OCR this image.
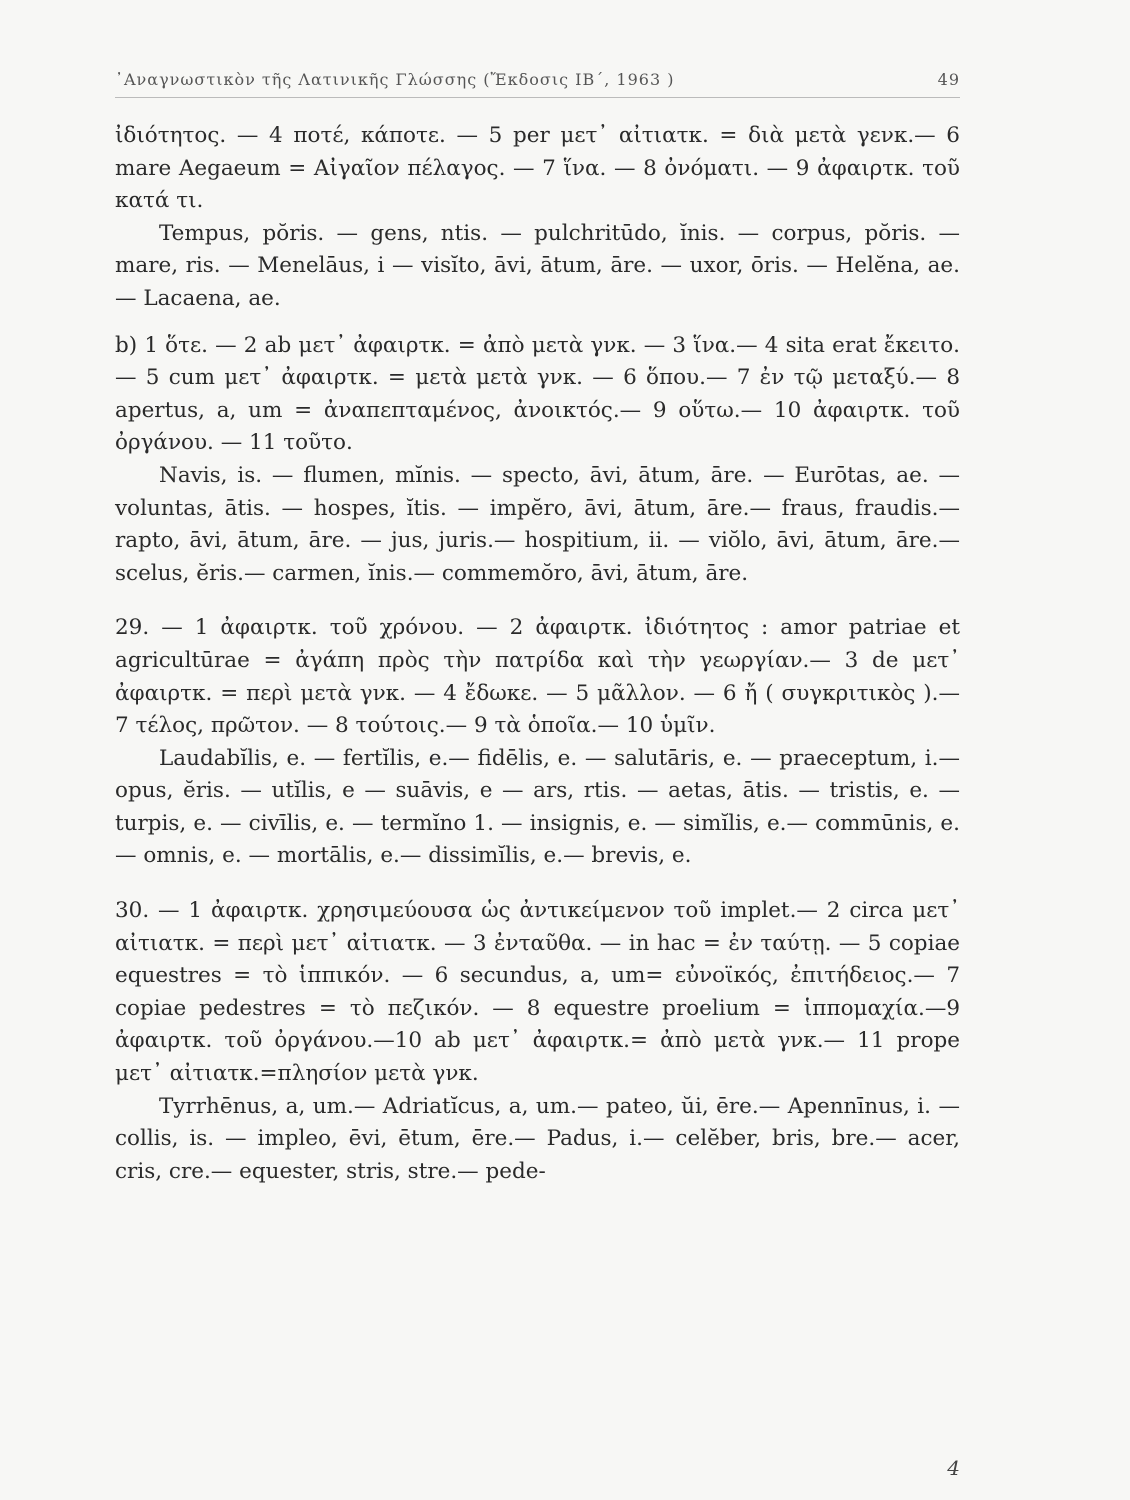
᾿Αναγνωστικὸν τῆς Λατινικῆς Γλώσσης (Ἔκδοσις ΙΒ΄, 1963 )	49

ἰδιότητος. — 4 ποτέ, κάποτε. — 5 per μετ᾿ αἰτιατκ. = διὰ μετὰ γενκ.— 6 mare Aegaeum = Αἰγαῖον πέλαγος. — 7 ἵνα. — 8 ὀνόματι. — 9 ἀφαιρτκ. τοῦ κατά τι.

Tempus, pŏris. — gens, ntis. — pulchritūdo, ĭnis. — corpus, pŏris. — mare, ris. — Menelāus, i — visĭto, āvi, ātum, āre. — uxor, ōris. — Helĕna, ae. — Lacaena, ae.

b) 1 ὅτε. — 2 ab μετ᾿ ἀφαιρτκ. = ἀπὸ μετὰ γνκ. — 3 ἵνα.— 4 sita erat ἔκειτο. — 5 cum μετ᾿ ἀφαιρτκ. = μετὰ μετὰ γνκ. — 6 ὅπου.— 7 ἐν τῷ μεταξύ.— 8 apertus, a, um = ἀναπεπταμένος, ἀνοικτός.— 9 οὕτω.— 10 ἀφαιρτκ. τοῦ ὀργάνου. — 11 τοῦτο.

Navis, is. — flumen, mĭnis. — specto, āvi, ātum, āre. — Eurōtas, ae. — voluntas, ātis. — hospes, ĭtis. — impĕro, āvi, ātum, āre.— fraus, fraudis.— rapto, āvi, ātum, āre. — jus, juris.— hospitium, ii. — viŏlo, āvi, ātum, āre.— scelus, ĕris.— carmen, ĭnis.— commemŏro, āvi, ātum, āre.

29. — 1 ἀφαιρτκ. τοῦ χρόνου. — 2 ἀφαιρτκ. ἰδιότητος : amor patriae et agricultūrae = ἀγάπη πρὸς τὴν πατρίδα καὶ τὴν γεωργίαν.— 3 de μετ᾿ ἀφαιρτκ. = περὶ μετὰ γνκ. — 4 ἔδωκε. — 5 μᾶλλον. — 6 ἤ ( συγκριτικὸς ).— 7 τέλος, πρῶτον. — 8 τούτοις.— 9 τὰ ὁποῖα.— 10 ὑμῖν.

Laudabĭlis, e. — fertĭlis, e.— fidēlis, e. — salutāris, e. — praeceptum, i.— opus, ĕris. — utĭlis, e — suāvis, e — ars, rtis. — aetas, ātis. — tristis, e. — turpis, e. — civīlis, e. — termĭno 1. — insignis, e. — simĭlis, e.— commūnis, e. — omnis, e. — mortālis, e.— dissimĭlis, e.— brevis, e.

30. — 1 ἀφαιρτκ. χρησιμεύουσα ὡς ἀντικείμενον τοῦ implet.— 2 circa μετ᾿ αἰτιατκ. = περὶ μετ᾿ αἰτιατκ. — 3 ἐνταῦθα. — in hac = ἐν ταύτῃ. — 5 copiae equestres = τὸ ἱππικόν. — 6 secundus, a, um= εὐνοϊκός, ἐπιτήδειος.— 7 copiae pedestres = τὸ πεζικόν. — 8 equestre proelium = ἱππομαχία.—9 ἀφαιρτκ. τοῦ ὀργάνου.—10 ab μετ᾿ ἀφαιρτκ.= ἀπὸ μετὰ γνκ.— 11 prope μετ᾿ αἰτιατκ.=πλησίον μετὰ γνκ.

Tyrrhēnus, a, um.— Adriatĭcus, a, um.— pateo, ŭi, ēre.— Apennīnus, i. — collis, is. — impleo, ēvi, ētum, ēre.— Padus, i.— celĕber, bris, bre.— acer, cris, cre.— equester, stris, stre.— pede-

4
